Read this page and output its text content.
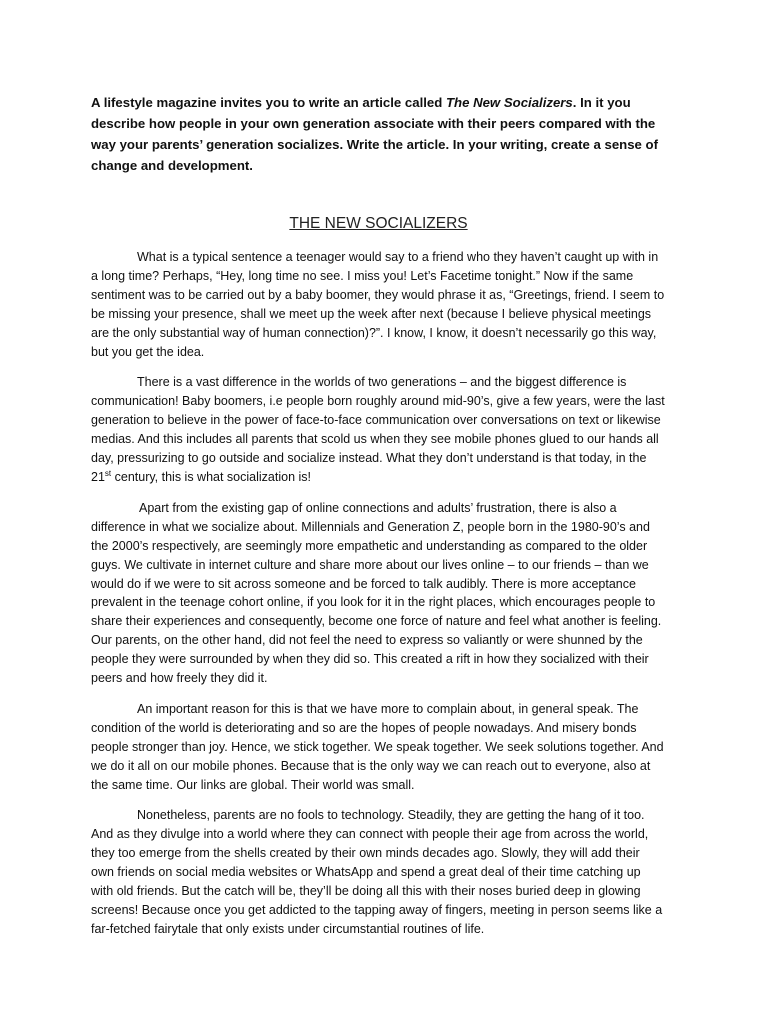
A lifestyle magazine invites you to write an article called The New Socializers. In it you describe how people in your own generation associate with their peers compared with the way your parents’ generation socializes. Write the article. In your writing, create a sense of change and development.

THE NEW SOCIALIZERS

What is a typical sentence a teenager would say to a friend who they haven’t caught up with in a long time? Perhaps, “Hey, long time no see. I miss you! Let’s Facetime tonight.” Now if the same sentiment was to be carried out by a baby boomer, they would phrase it as, “Greetings, friend. I seem to be missing your presence, shall we meet up the week after next (because I believe physical meetings are the only substantial way of human connection)?”. I know, I know, it doesn’t necessarily go this way, but you get the idea.

There is a vast difference in the worlds of two generations – and the biggest difference is communication! Baby boomers, i.e people born roughly around mid-90’s, give a few years, were the last generation to believe in the power of face-to-face communication over conversations on text or likewise medias. And this includes all parents that scold us when they see mobile phones glued to our hands all day, pressurizing to go outside and socialize instead. What they don’t understand is that today, in the 21st century, this is what socialization is!

Apart from the existing gap of online connections and adults’ frustration, there is also a difference in what we socialize about. Millennials and Generation Z, people born in the 1980-90’s and the 2000’s respectively, are seemingly more empathetic and understanding as compared to the older guys. We cultivate in internet culture and share more about our lives online – to our friends – than we would do if we were to sit across someone and be forced to talk audibly. There is more acceptance prevalent in the teenage cohort online, if you look for it in the right places, which encourages people to share their experiences and consequently, become one force of nature and feel what another is feeling. Our parents, on the other hand, did not feel the need to express so valiantly or were shunned by the people they were surrounded by when they did so. This created a rift in how they socialized with their peers and how freely they did it.

An important reason for this is that we have more to complain about, in general speak. The condition of the world is deteriorating and so are the hopes of people nowadays. And misery bonds people stronger than joy. Hence, we stick together. We speak together. We seek solutions together. And we do it all on our mobile phones. Because that is the only way we can reach out to everyone, also at the same time. Our links are global. Their world was small.

Nonetheless, parents are no fools to technology. Steadily, they are getting the hang of it too. And as they divulge into a world where they can connect with people their age from across the world, they too emerge from the shells created by their own minds decades ago. Slowly, they will add their own friends on social media websites or WhatsApp and spend a great deal of their time catching up with old friends. But the catch will be, they’ll be doing all this with their noses buried deep in glowing screens! Because once you get addicted to the tapping away of fingers, meeting in person seems like a far-fetched fairytale that only exists under circumstantial routines of life.
